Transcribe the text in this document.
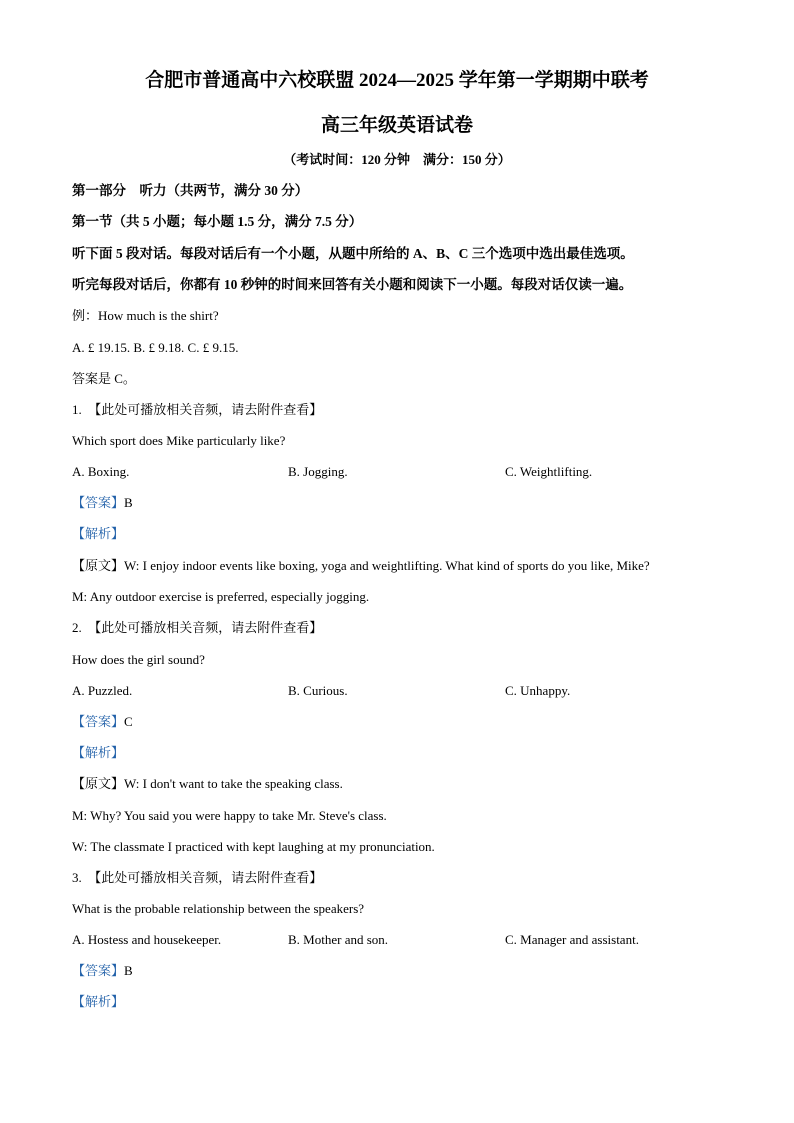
合肥市普通高中六校联盟 2024—2025 学年第一学期期中联考
高三年级英语试卷
（考试时间：120 分钟　满分：150 分）
第一部分　听力（共两节，满分 30 分）
第一节（共 5 小题；每小题 1.5 分，满分 7.5 分）
听下面 5 段对话。每段对话后有一个小题，从题中所给的 A、B、C 三个选项中选出最佳选项。
听完每段对话后，你都有 10 秒钟的时间来回答有关小题和阅读下一小题。每段对话仅读一遍。
例：How much is the shirt?
A. £ 19.15. B. £ 9.18. C. £ 9.15.
答案是 C。
1.　【此处可播放相关音频，请去附件查看】
Which sport does Mike particularly like?
A. Boxing.	B. Jogging.	C. Weightlifting.
【答案】B
【解析】
【原文】W: I enjoy indoor events like boxing, yoga and weightlifting. What kind of sports do you like, Mike?
M: Any outdoor exercise is preferred, especially jogging.
2.　【此处可播放相关音频，请去附件查看】
How does the girl sound?
A. Puzzled.	B. Curious.	C. Unhappy.
【答案】C
【解析】
【原文】W: I don't want to take the speaking class.
M: Why? You said you were happy to take Mr. Steve's class.
W: The classmate I practiced with kept laughing at my pronunciation.
3.　【此处可播放相关音频，请去附件查看】
What is the probable relationship between the speakers?
A. Hostess and housekeeper.	B. Mother and son.	C. Manager and assistant.
【答案】B
【解析】
